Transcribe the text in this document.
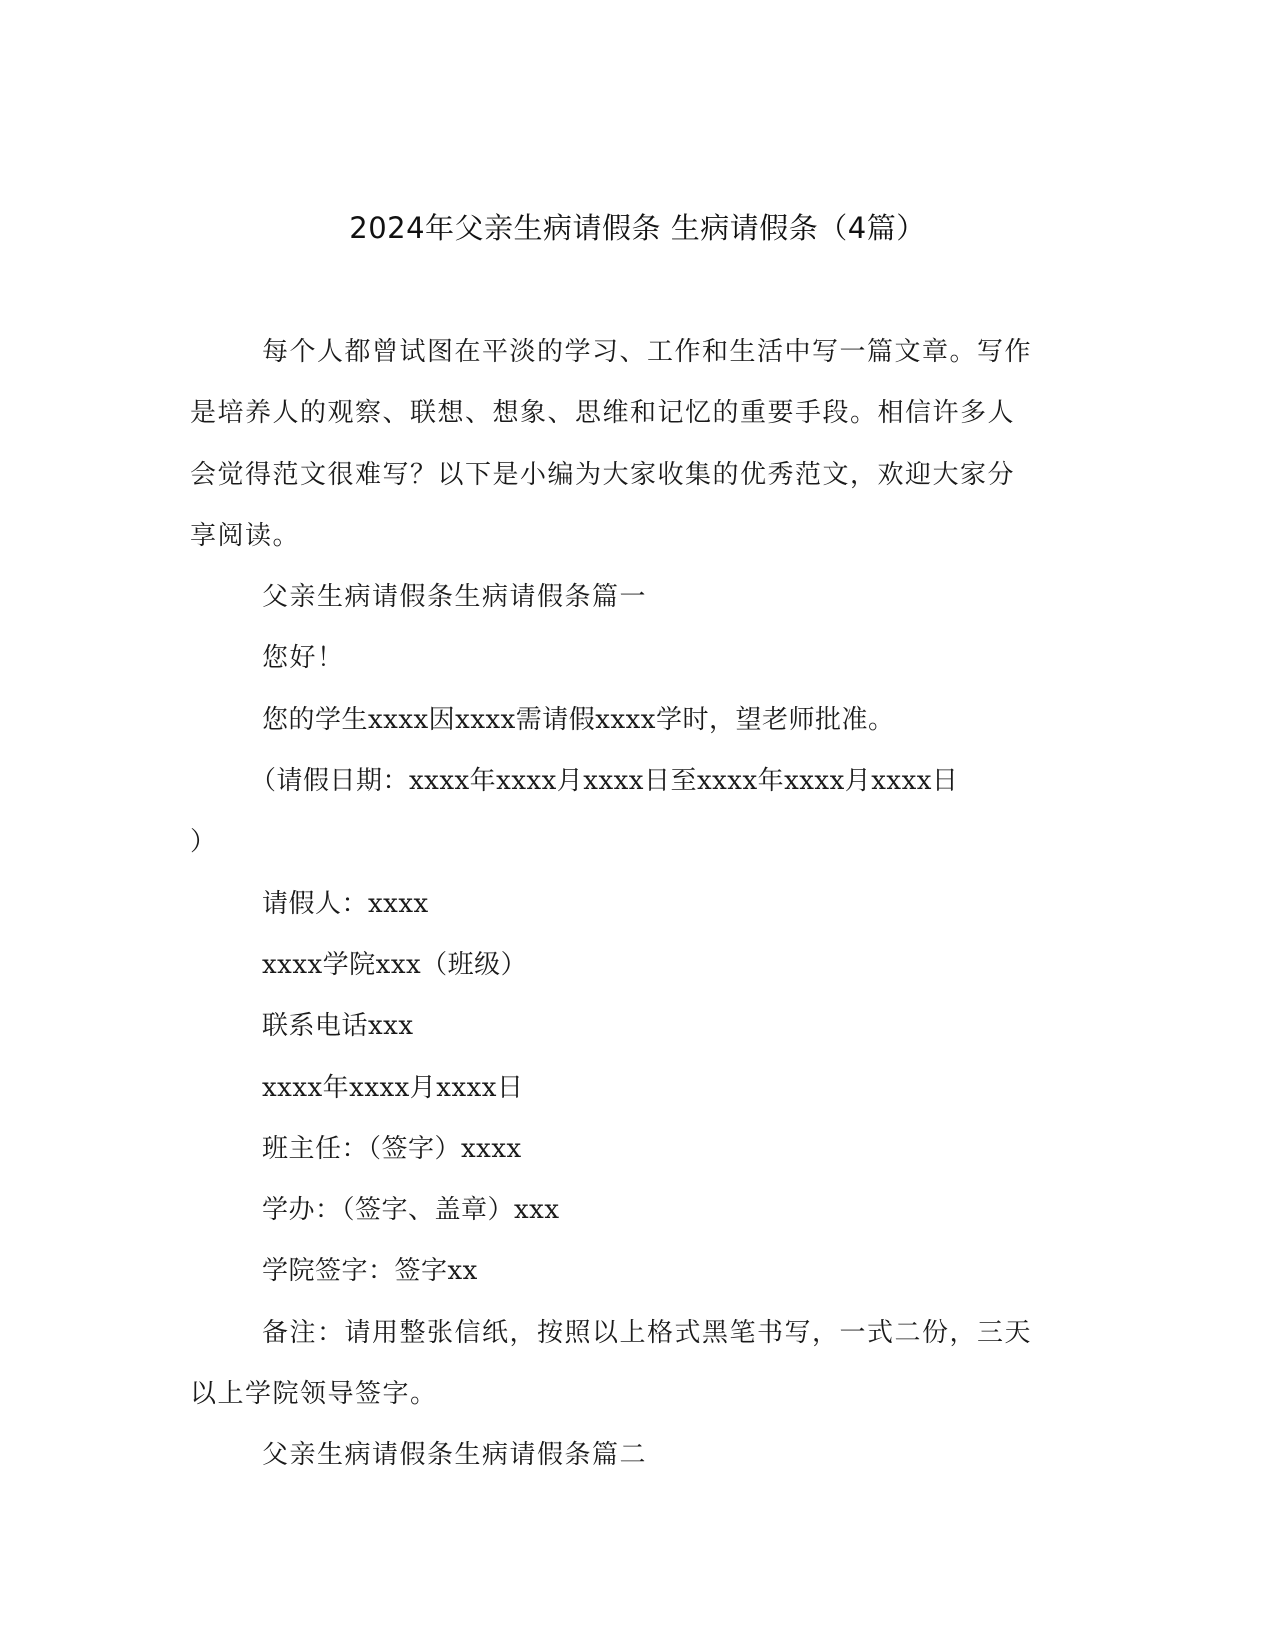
2024年父亲生病请假条 生病请假条（4篇）

每个人都曾试图在平淡的学习、工作和生活中写一篇文章。写作

是培养人的观察、联想、想象、思维和记忆的重要手段。相信许多人

会觉得范文很难写？以下是小编为大家收集的优秀范文，欢迎大家分

享阅读。

父亲生病请假条生病请假条篇一

您好！

您的学生xxxx因xxxx需请假xxxx学时，望老师批准。

（请假日期：xxxx年xxxx月xxxx日至xxxx年xxxx月xxxx日

）

请假人：xxxx

xxxx学院xxx（班级）

联系电话xxx

xxxx年xxxx月xxxx日

班主任：（签字）xxxx

学办：（签字、盖章）xxx

学院签字：签字xx

备注：请用整张信纸，按照以上格式黑笔书写，一式二份，三天

以上学院领导签字。

父亲生病请假条生病请假条篇二
